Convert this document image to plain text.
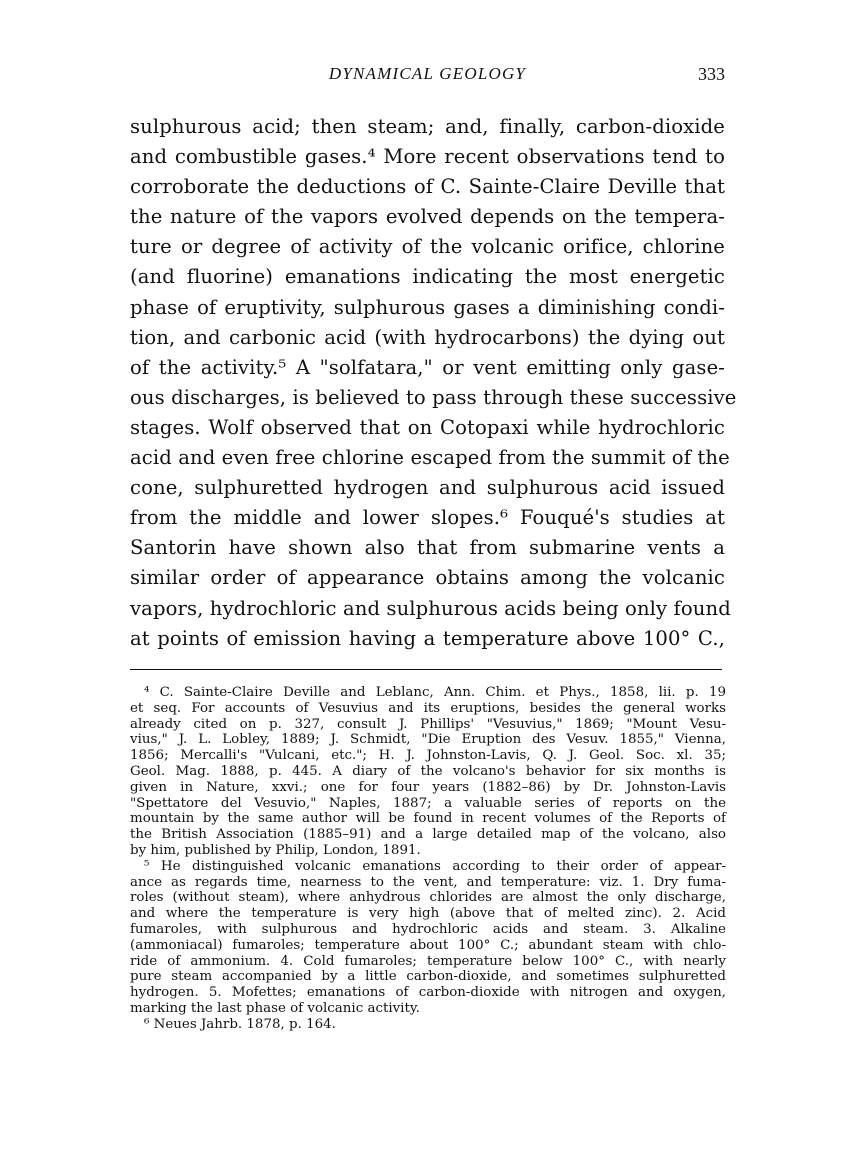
DYNAMICAL GEOLOGY	333
sulphurous acid; then steam; and, finally, carbon-dioxide
and combustible gases.⁴ More recent observations tend to
corroborate the deductions of C. Sainte-Claire Deville that
the nature of the vapors evolved depends on the tempera-
ture or degree of activity of the volcanic orifice, chlorine
(and fluorine) emanations indicating the most energetic
phase of eruptivity, sulphurous gases a diminishing condi-
tion, and carbonic acid (with hydrocarbons) the dying out
of the activity.⁵ A "solfatara," or vent emitting only gase-
ous discharges, is believed to pass through these successive
stages. Wolf observed that on Cotopaxi while hydrochloric
acid and even free chlorine escaped from the summit of the
cone, sulphuretted hydrogen and sulphurous acid issued
from the middle and lower slopes.⁶ Fouqué's studies at
Santorin have shown also that from submarine vents a
similar order of appearance obtains among the volcanic
vapors, hydrochloric and sulphurous acids being only found
at points of emission having a temperature above 100° C.,
⁴ C. Sainte-Claire Deville and Leblanc, Ann. Chim. et Phys., 1858, lii. p. 19
et seq. For accounts of Vesuvius and its eruptions, besides the general works
already cited on p. 327, consult J. Phillips' "Vesuvius," 1869; "Mount Vesu-
vius," J. L. Lobley, 1889; J. Schmidt, "Die Eruption des Vesuv. 1855," Vienna,
1856; Mercalli's "Vulcani, etc."; H. J. Johnston-Lavis, Q. J. Geol. Soc. xl. 35;
Geol. Mag. 1888, p. 445. A diary of the volcano's behavior for six months is
given in Nature, xxvi.; one for four years (1882–86) by Dr. Johnston-Lavis
"Spettatore del Vesuvio," Naples, 1887; a valuable series of reports on the
mountain by the same author will be found in recent volumes of the Reports of
the British Association (1885–91) and a large detailed map of the volcano, also
by him, published by Philip, London, 1891.
⁵ He distinguished volcanic emanations according to their order of appear-
ance as regards time, nearness to the vent, and temperature: viz. 1. Dry fuma-
roles (without steam), where anhydrous chlorides are almost the only discharge,
and where the temperature is very high (above that of melted zinc). 2. Acid
fumaroles, with sulphurous and hydrochloric acids and steam. 3. Alkaline
(ammoniacal) fumaroles; temperature about 100° C.; abundant steam with chlo-
ride of ammonium. 4. Cold fumaroles; temperature below 100° C., with nearly
pure steam accompanied by a little carbon-dioxide, and sometimes sulphuretted
hydrogen. 5. Mofettes; emanations of carbon-dioxide with nitrogen and oxygen,
marking the last phase of volcanic activity.
⁶ Neues Jahrb. 1878, p. 164.
